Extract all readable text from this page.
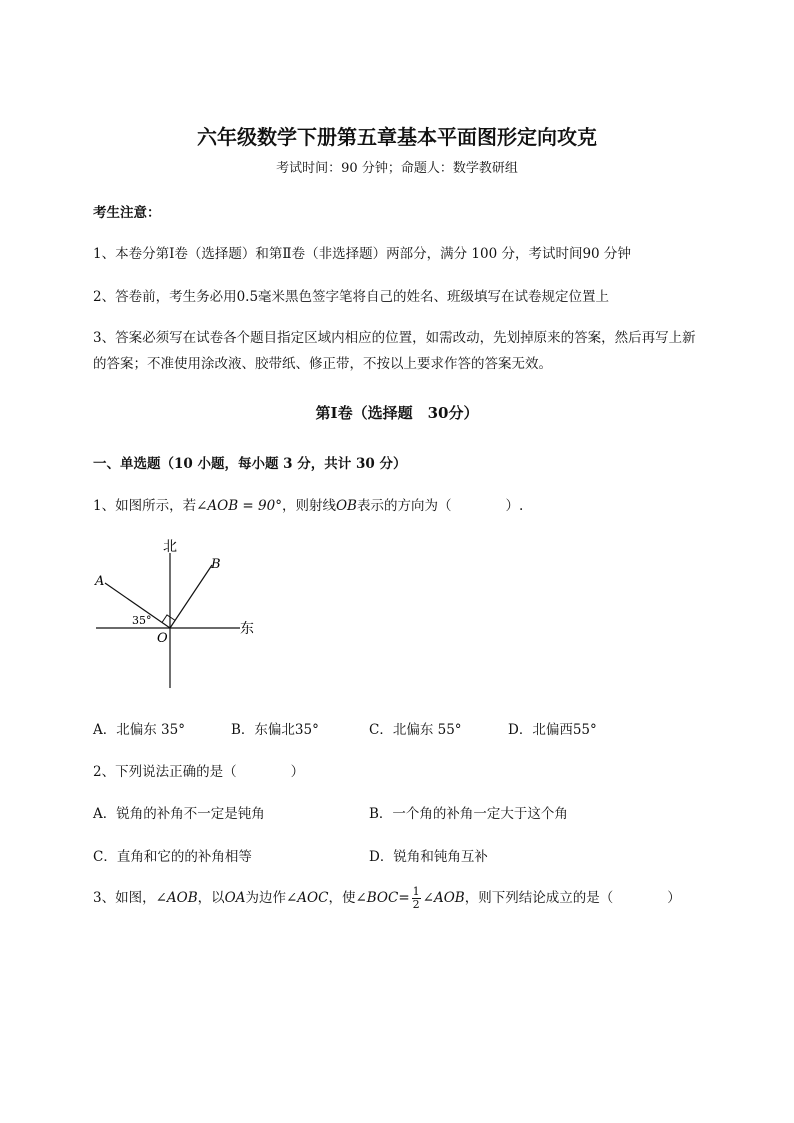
六年级数学下册第五章基本平面图形定向攻克
考试时间：90 分钟；命题人：数学教研组
考生注意：
1、本卷分第Ⅰ卷（选择题）和第Ⅱ卷（非选择题）两部分，满分 100 分，考试时间90 分钟
2、答卷前，考生务必用0.5毫米黑色签字笔将自己的姓名、班级填写在试卷规定位置上
3、答案必须写在试卷各个题目指定区域内相应的位置，如需改动，先划掉原来的答案，然后再写上新
的答案；不准使用涂改液、胶带纸、修正带，不按以上要求作答的答案无效。
第Ⅰ卷（选择题　30分）
一、单选题（10 小题，每小题 3 分，共计 30 分）
1、如图所示，若∠AOB = 90°，则射线OB表示的方向为（　　　　）.
北
东
A
B
O
35°
A．北偏东 35°	B．东偏北35°	C．北偏东 55°	D．北偏西55°
2、下列说法正确的是（　　　　）
A．锐角的补角不一定是钝角	B．一个角的补角一定大于这个角
C．直角和它的的补角相等	D．锐角和钝角互补
3、如图，∠AOB，以OA为边作∠AOC，使∠BOC= $\frac{1}{2}$ ∠AOB，则下列结论成立的是（　　　　）
